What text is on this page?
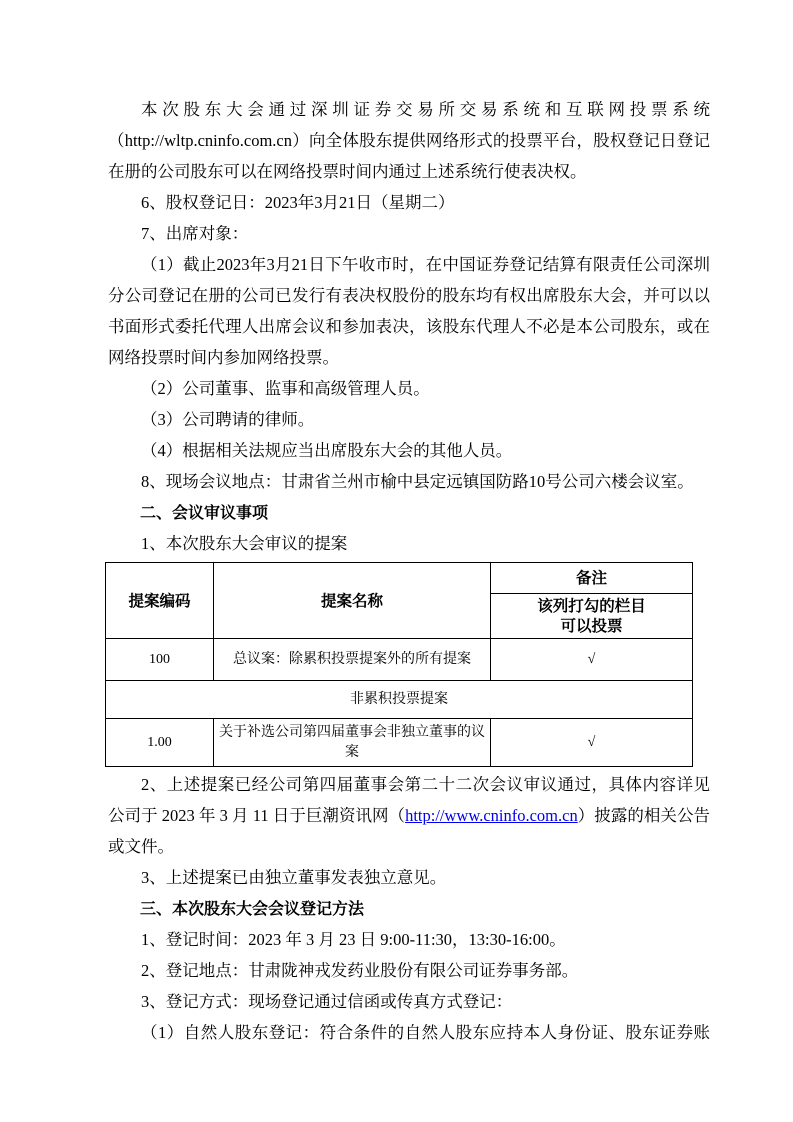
本次股东大会通过深圳证券交易所交易系统和互联网投票系统（http://wltp.cninfo.com.cn）向全体股东提供网络形式的投票平台，股权登记日登记在册的公司股东可以在网络投票时间内通过上述系统行使表决权。

6、股权登记日：2023年3月21日（星期二）

7、出席对象：

（1）截止2023年3月21日下午收市时，在中国证券登记结算有限责任公司深圳分公司登记在册的公司已发行有表决权股份的股东均有权出席股东大会，并可以以书面形式委托代理人出席会议和参加表决，该股东代理人不必是本公司股东，或在网络投票时间内参加网络投票。

（2）公司董事、监事和高级管理人员。

（3）公司聘请的律师。

（4）根据相关法规应当出席股东大会的其他人员。

8、现场会议地点：甘肃省兰州市榆中县定远镇国防路10号公司六楼会议室。

二、会议审议事项

1、本次股东大会审议的提案

提案编码	提案名称	备注
		该列打勾的栏目可以投票
100	总议案：除累积投票提案外的所有提案	√
非累积投票提案		
1.00	关于补选公司第四届董事会非独立董事的议案	√

2、上述提案已经公司第四届董事会第二十二次会议审议通过，具体内容详见公司于 2023 年 3 月 11 日于巨潮资讯网（http://www.cninfo.com.cn）披露的相关公告或文件。

3、上述提案已由独立董事发表独立意见。

三、本次股东大会会议登记方法

1、登记时间：2023 年 3 月 23 日 9:00-11:30，13:30-16:00。

2、登记地点：甘肃陇神戎发药业股份有限公司证券事务部。

3、登记方式：现场登记通过信函或传真方式登记：

（1）自然人股东登记：符合条件的自然人股东应持本人身份证、股东证券账
